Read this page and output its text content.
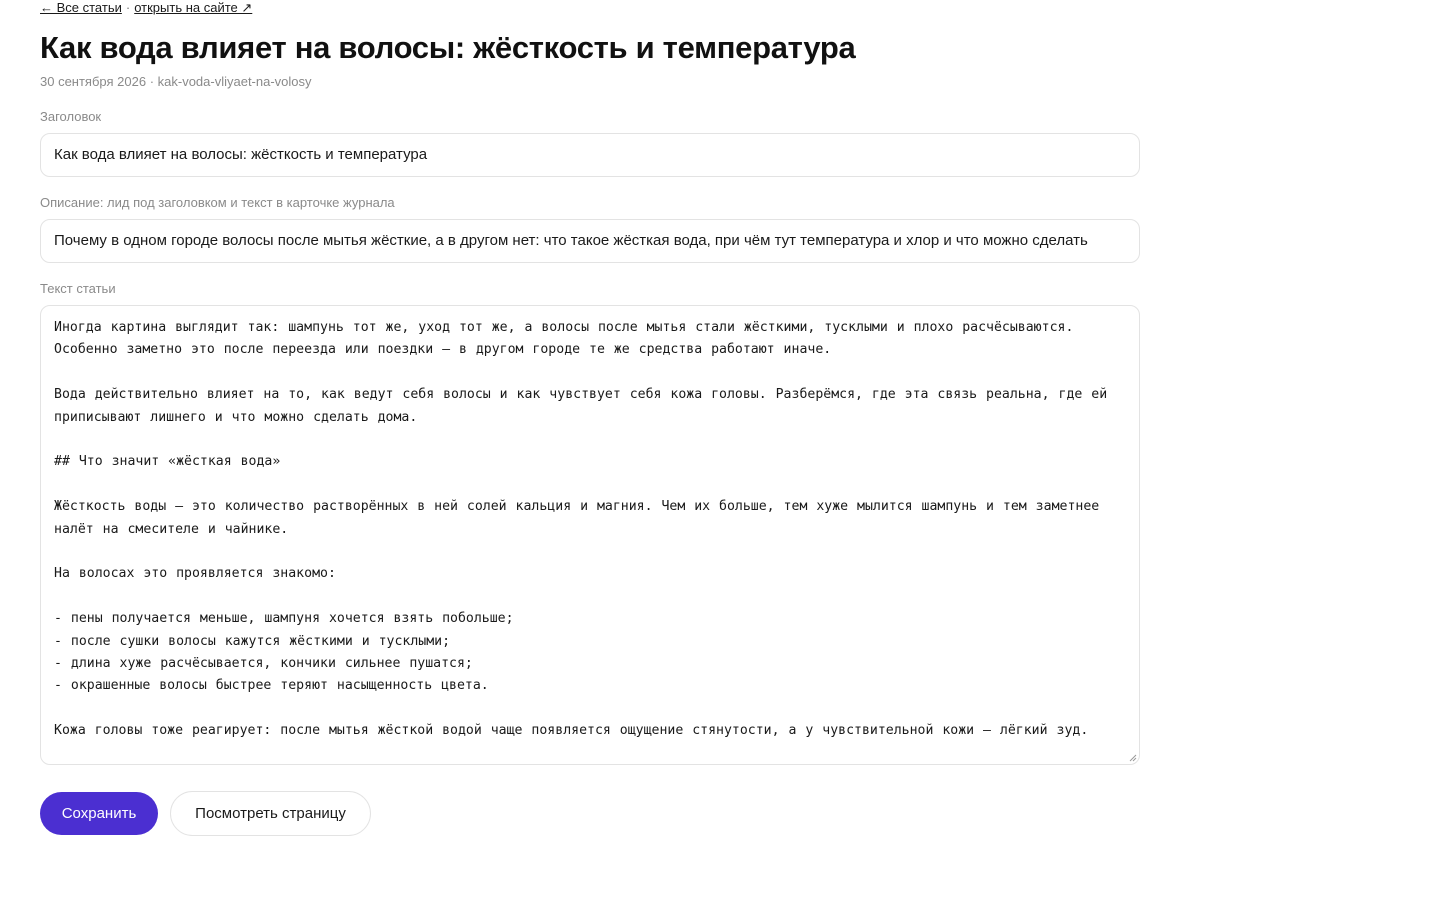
← Все статьи · открыть на сайте ↗
Как вода влияет на волосы: жёсткость и температура
30 сентября 2026 · kak-voda-vliyaet-na-volosy
Заголовок
Как вода влияет на волосы: жёсткость и температура
Описание: лид под заголовком и текст в карточке журнала
Почему в одном городе волосы после мытья жёсткие, а в другом нет: что такое жёсткая вода, при чём тут температура и хлор и что можно сделать
Текст статьи

Иногда картина выглядит так: шампунь тот же, уход тот же, а волосы после мытья стали жёсткими, тусклыми и плохо расчёсываются. Особенно заметно это после переезда или поездки — в другом городе те же средства работают иначе.

Вода действительно влияет на то, как ведут себя волосы и как чувствует себя кожа головы. Разберёмся, где эта связь реальна, где ей приписывают лишнего и что можно сделать дома.

## Что значит «жёсткая вода»

Жёсткость воды — это количество растворённых в ней солей кальция и магния. Чем их больше, тем хуже мылится шампунь и тем заметнее налёт на смесителе и чайнике.

На волосах это проявляется знакомо:

- пены получается меньше, шампуня хочется взять побольше;

- после сушки волосы кажутся жёсткими и тусклыми;

- длина хуже расчёсывается, кончики сильнее пушатся;

- окрашенные волосы быстрее теряют насыщенность цвета.

Кожа головы тоже реагирует: после мытья жёсткой водой чаще появляется ощущение стянутости, а у чувствительной кожи — лёгкий зуд.

Сохранить	Посмотреть страницу
